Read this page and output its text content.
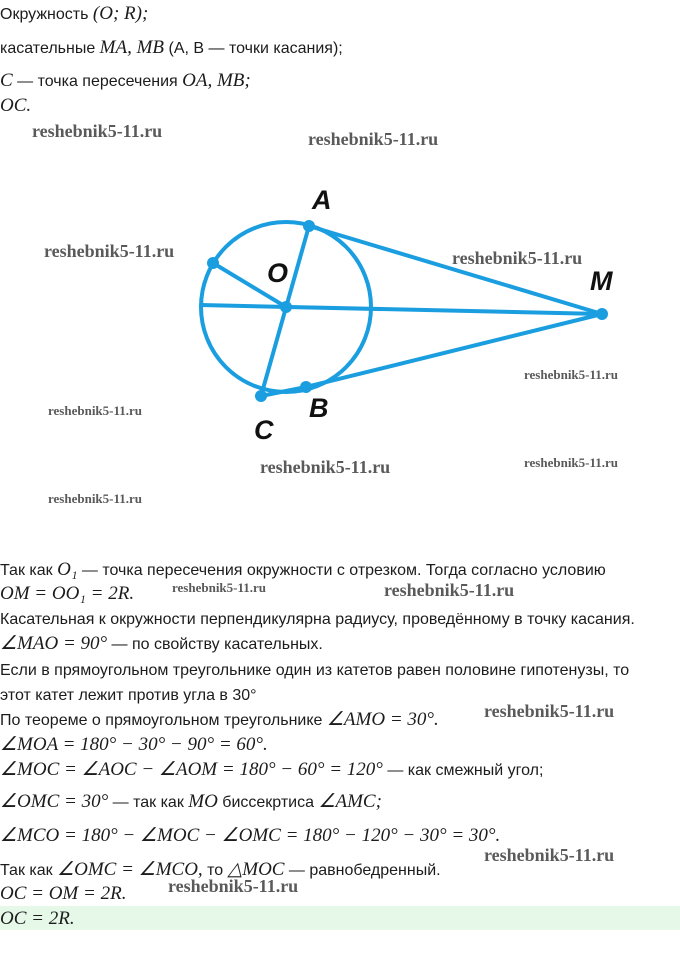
Окружность (O; R);
касательные MA, MB (A, B — точки касания);
C — точка пересечения OA, MB;
OC.
A
B
C
O	M
reshebnik5-11.ru	reshebnik5-11.ru
reshebnik5-11.ru	reshebnik5-11.ru
reshebnik5-11.ru
reshebnik5-11.ru
reshebnik5-11.ru	reshebnik5-11.ru
reshebnik5-11.ru
reshebnik5-11.ru	reshebnik5-11.ru
reshebnik5-11.ru
reshebnik5-11.ru
reshebnik5-11.ru
Так как O₁ — точка пересечения окружности с отрезком. Тогда согласно условию
OM = OO₁ = 2R.
Касательная к окружности перпендикулярна радиусу, проведённому в точку касания.
∠MAO = 90° — по свойству касательных.
Если в прямоугольном треугольнике один из катетов равен половине гипотенузы, то
этот катет лежит против угла в 30°
По теореме о прямоугольном треугольнике ∠AMO = 30°.
∠MOA = 180° − 30° − 90° = 60°.
∠MOC = ∠AOC − ∠AOM = 180° − 60° = 120° — как смежный угол;
∠OMC = 30° — так как MO биссекртиса ∠AMC;
∠MCO = 180° − ∠MOC − ∠OMC = 180° − 120° − 30° = 30°.
Так как ∠OMC = ∠MCO, то △MOC — равнобедренный.
OC = OM = 2R.
OC = 2R.
